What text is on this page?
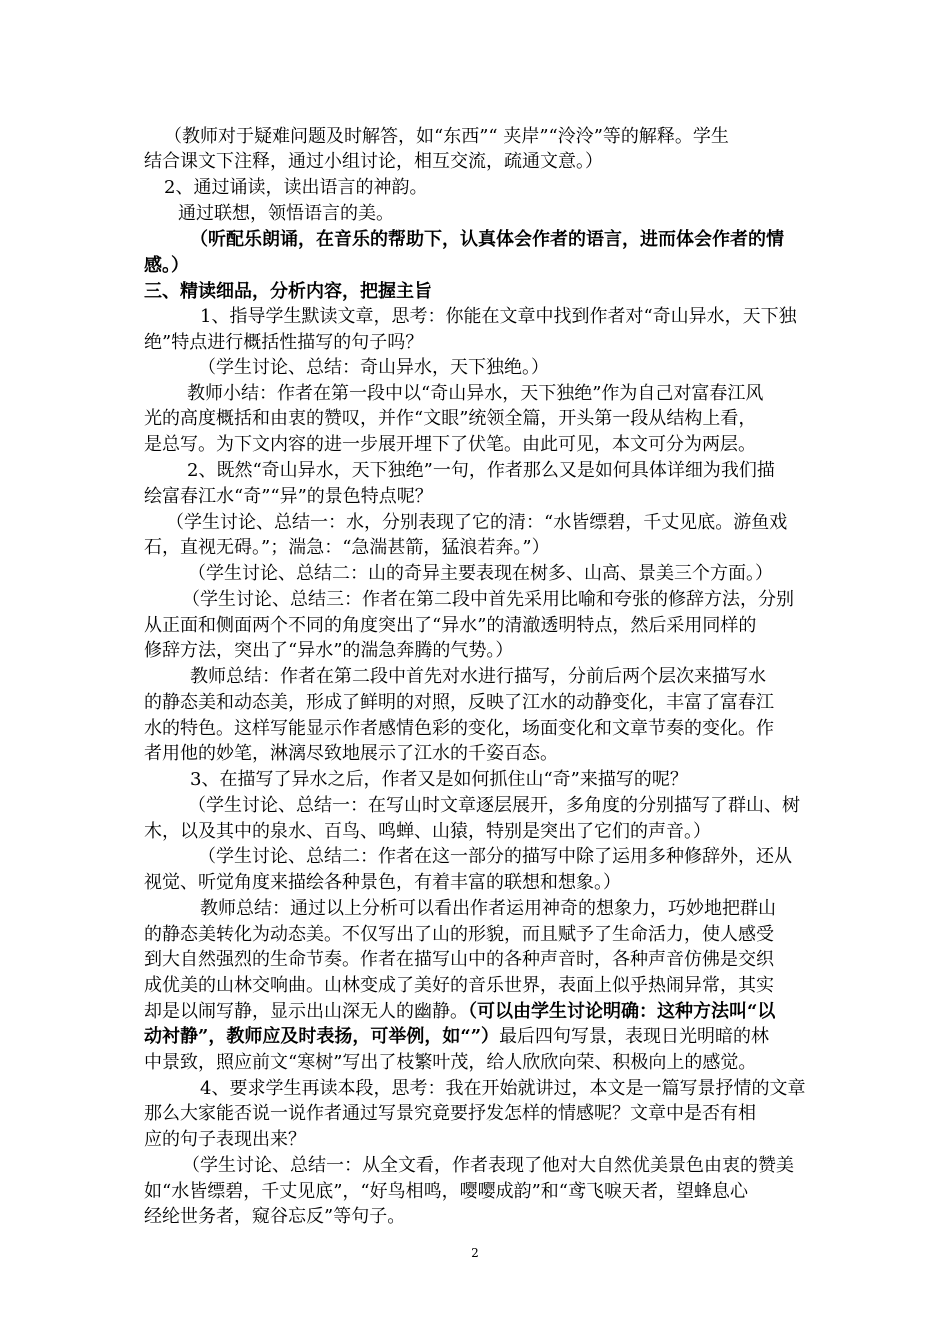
（教师对于疑难问题及时解答，如“东西”“ 夹岸”“泠泠”等的解释。学生
结合课文下注释，通过小组讨论，相互交流，疏通文意。）
2、通过诵读，读出语言的神韵。
通过联想，领悟语言的美。
（听配乐朗诵，在音乐的帮助下，认真体会作者的语言，进而体会作者的情
感。）
三、精读细品，分析内容，把握主旨
1、指导学生默读文章，思考：你能在文章中找到作者对“奇山异水，天下独
绝”特点进行概括性描写的句子吗？
（学生讨论、总结：奇山异水，天下独绝。）
教师小结：作者在第一段中以“奇山异水，天下独绝”作为自己对富春江风
光的高度概括和由衷的赞叹，并作“文眼”统领全篇，开头第一段从结构上看，
是总写。为下文内容的进一步展开埋下了伏笔。由此可见，本文可分为两层。
2、既然“奇山异水，天下独绝”一句，作者那么又是如何具体详细为我们描
绘富春江水“奇”“异”的景色特点呢？
（学生讨论、总结一：水，分别表现了它的清：“水皆缥碧，千丈见底。游鱼戏
石，直视无碍。”；湍急：“急湍甚箭，猛浪若奔。”）
（学生讨论、总结二：山的奇异主要表现在树多、山高、景美三个方面。）
（学生讨论、总结三：作者在第二段中首先采用比喻和夸张的修辞方法，分别
从正面和侧面两个不同的角度突出了“异水”的清澈透明特点，然后采用同样的
修辞方法，突出了“异水”的湍急奔腾的气势。）
教师总结：作者在第二段中首先对水进行描写，分前后两个层次来描写水
的静态美和动态美，形成了鲜明的对照，反映了江水的动静变化，丰富了富春江
水的特色。这样写能显示作者感情色彩的变化，场面变化和文章节奏的变化。作
者用他的妙笔，淋漓尽致地展示了江水的千姿百态。
3、在描写了异水之后，作者又是如何抓住山“奇”来描写的呢？
（学生讨论、总结一：在写山时文章逐层展开，多角度的分别描写了群山、树
木，以及其中的泉水、百鸟、鸣蝉、山猿，特别是突出了它们的声音。）
（学生讨论、总结二：作者在这一部分的描写中除了运用多种修辞外，还从
视觉、听觉角度来描绘各种景色，有着丰富的联想和想象。）
教师总结：通过以上分析可以看出作者运用神奇的想象力，巧妙地把群山
的静态美转化为动态美。不仅写出了山的形貌，而且赋予了生命活力，使人感受
到大自然强烈的生命节奏。作者在描写山中的各种声音时，各种声音仿佛是交织
成优美的山林交响曲。山林变成了美好的音乐世界，表面上似乎热闹异常，其实
却是以闹写静，显示出山深无人的幽静。（可以由学生讨论明确：这种方法叫“以
动衬静”，教师应及时表扬，可举例，如“”）最后四句写景，表现日光明暗的林
中景致，照应前文“寒树”写出了枝繁叶茂，给人欣欣向荣、积极向上的感觉。
4、要求学生再读本段，思考：我在开始就讲过，本文是一篇写景抒情的文章
那么大家能否说一说作者通过写景究竟要抒发怎样的情感呢？文章中是否有相
应的句子表现出来？
（学生讨论、总结一：从全文看，作者表现了他对大自然优美景色由衷的赞美
如“水皆缥碧，千丈见底”，“好鸟相鸣，嘤嘤成韵”和“鸢飞唳天者，望蜂息心
经纶世务者，窥谷忘反”等句子。
2
